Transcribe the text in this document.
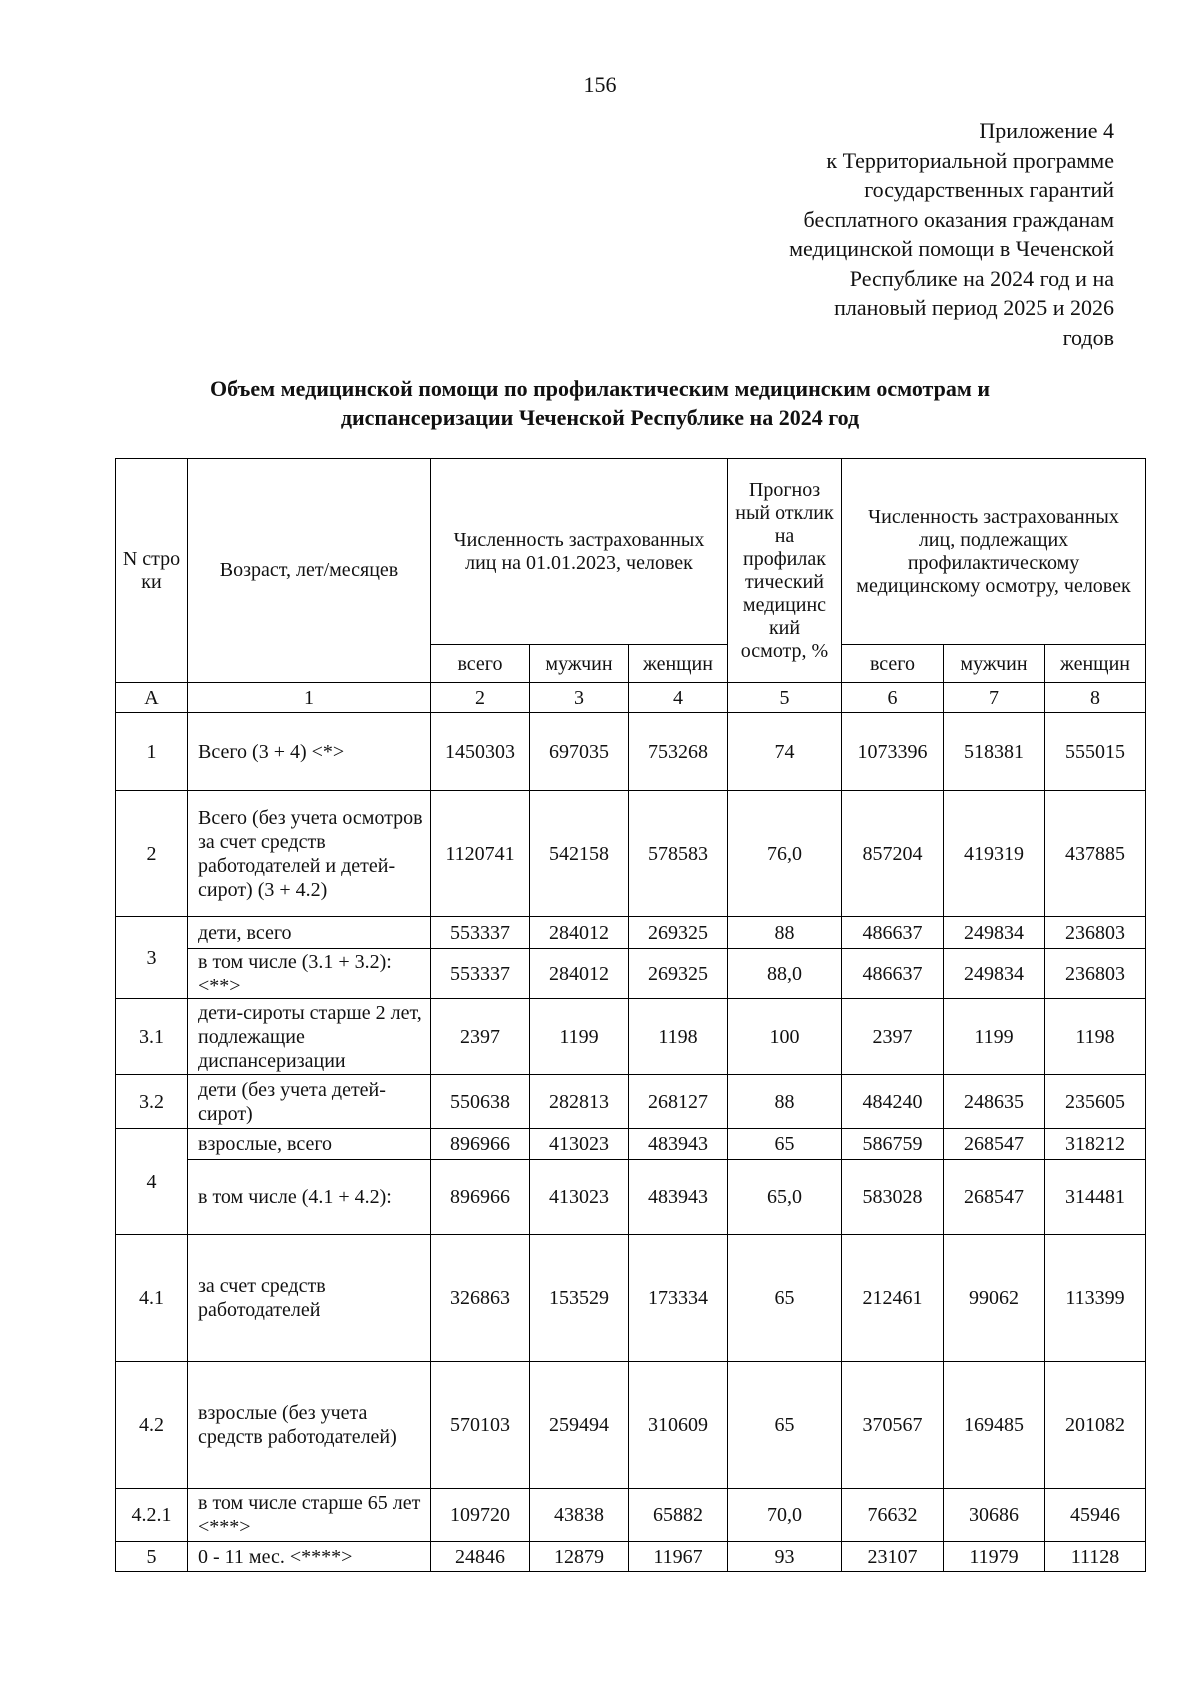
156
Приложение 4
к Территориальной программе
государственных гарантий
бесплатного оказания гражданам
медицинской помощи в Чеченской
Республике на 2024 год и на
плановый период 2025 и 2026
годов
Объем медицинской помощи по профилактическим медицинским осмотрам и
диспансеризации Чеченской Республике на 2024 год
N стро ки	Возраст, лет/месяцев	Численность застрахованных лиц на 01.01.2023, человек			Прогноз ный отклик на профилак тический медицинс кий осмотр, %	Численность застрахованных лиц, подлежащих профилактическому медицинскому осмотру, человек		
		всего	мужчин	женщин		всего	мужчин	женщин
А	1	2	3	4	5	6	7	8
1	Всего (3 + 4) <*>	1450303	697035	753268	74	1073396	518381	555015
2	Всего (без учета осмотров за счет средств работодателей и детей-сирот) (3 + 4.2)	1120741	542158	578583	76,0	857204	419319	437885
3	дети, всего	553337	284012	269325	88	486637	249834	236803
	в том числе (3.1 + 3.2): <**>	553337	284012	269325	88,0	486637	249834	236803
3.1	дети-сироты старше 2 лет, подлежащие диспансеризации	2397	1199	1198	100	2397	1199	1198
3.2	дети (без учета детей-сирот)	550638	282813	268127	88	484240	248635	235605
4	взрослые, всего	896966	413023	483943	65	586759	268547	318212
	в том числе (4.1 + 4.2):	896966	413023	483943	65,0	583028	268547	314481
4.1	за счет средств работодателей	326863	153529	173334	65	212461	99062	113399
4.2	взрослые (без учета средств работодателей)	570103	259494	310609	65	370567	169485	201082
4.2.1	в том числе старше 65 лет <***>	109720	43838	65882	70,0	76632	30686	45946
5	0 - 11 мес. <****>	24846	12879	11967	93	23107	11979	11128
